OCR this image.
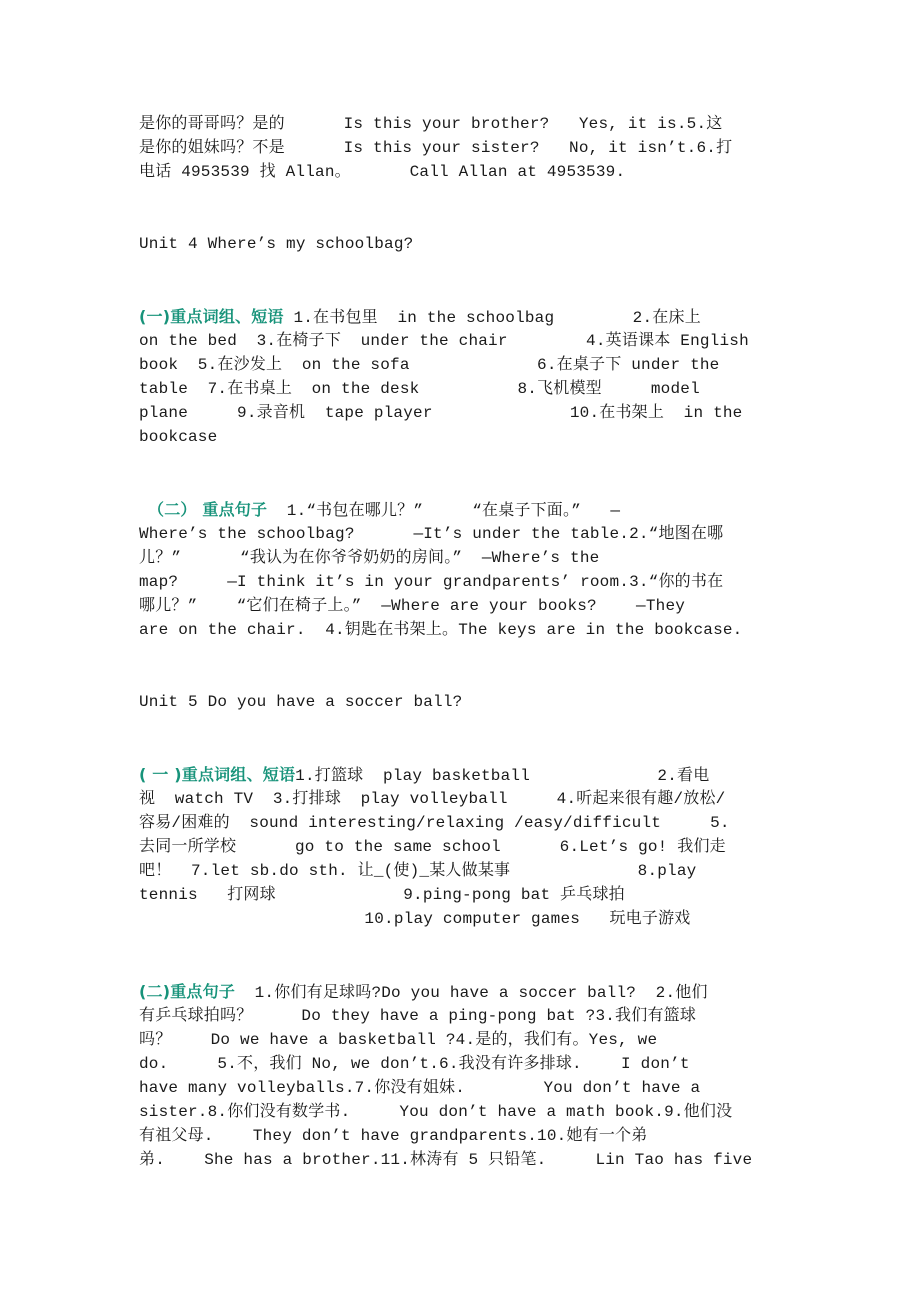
是你的哥哥吗？是的      Is this your brother?   Yes, it is.5.这
是你的姐妹吗？不是      Is this your sister?   No, it isn’t.6.打
电话 4953539 找 Allan。      Call Allan at 4953539.
Unit 4 Where’s my schoolbag?
(一)重点词组、短语 1.在书包里  in the schoolbag        2.在床上
on the bed  3.在椅子下  under the chair        4.英语课本 English
book  5.在沙发上  on the sofa             6.在桌子下 under the
table  7.在书桌上  on the desk          8.飞机模型     model
plane     9.录音机  tape player              10.在书架上  in the
bookcase
（二） 重点句子  1.“书包在哪儿？”     “在桌子下面。”   —
Where’s the schoolbag?      —It’s under the table.2.“地图在哪
儿？”      “我认为在你爷爷奶奶的房间。”  —Where’s the
map?     —I think it’s in your grandparents’ room.3.“你的书在
哪儿？”    “它们在椅子上。”  —Where are your books?    —They
are on the chair.  4.钥匙在书架上。The keys are in the bookcase.
Unit 5 Do you have a soccer ball?
( 一 )重点词组、短语1.打篮球  play basketball             2.看电
视  watch TV  3.打排球  play volleyball     4.听起来很有趣/放松/
容易/困难的  sound interesting/relaxing /easy/difficult     5.
去同一所学校      go to the same school      6.Let’s go! 我们走
吧！  7.let sb.do sth. 让_(使)_某人做某事             8.play
tennis   打网球             9.ping-pong bat 乒乓球拍
10.play computer games   玩电子游戏
(二)重点句子  1.你们有足球吗?Do you have a soccer ball?  2.他们
有乒乓球拍吗？     Do they have a ping-pong bat ?3.我们有篮球
吗？    Do we have a basketball ?4.是的，我们有。Yes, we
do.     5.不，我们 No, we don’t.6.我没有许多排球.    I don’t
have many volleyballs.7.你没有姐妹.        You don’t have a
sister.8.你们没有数学书.     You don’t have a math book.9.他们没
有祖父母.    They don’t have grandparents.10.她有一个弟
弟.    She has a brother.11.林涛有 5 只铅笔.     Lin Tao has five
